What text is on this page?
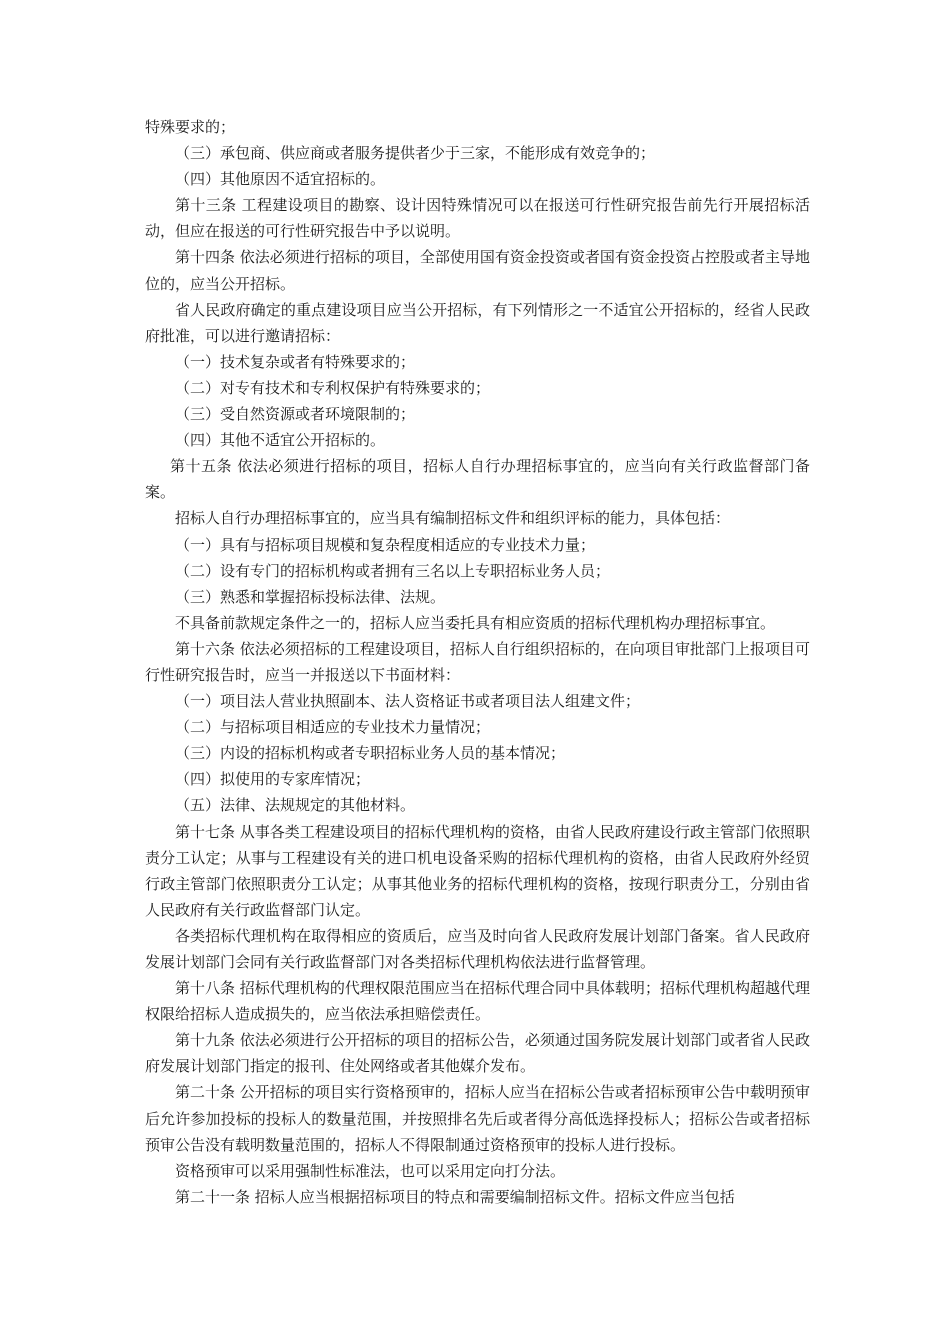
特殊要求的；

（三）承包商、供应商或者服务提供者少于三家，不能形成有效竞争的；

（四）其他原因不适宜招标的。

第十三条 工程建设项目的勘察、设计因特殊情况可以在报送可行性研究报告前先行开展招标活动，但应在报送的可行性研究报告中予以说明。

第十四条 依法必须进行招标的项目，全部使用国有资金投资或者国有资金投资占控股或者主导地位的，应当公开招标。

省人民政府确定的重点建设项目应当公开招标，有下列情形之一不适宜公开招标的，经省人民政府批准，可以进行邀请招标：

（一）技术复杂或者有特殊要求的；

（二）对专有技术和专利权保护有特殊要求的；

（三）受自然资源或者环境限制的；

（四）其他不适宜公开招标的。

第十五条 依法必须进行招标的项目，招标人自行办理招标事宜的，应当向有关行政监督部门备案。

招标人自行办理招标事宜的，应当具有编制招标文件和组织评标的能力，具体包括：

（一）具有与招标项目规模和复杂程度相适应的专业技术力量；

（二）设有专门的招标机构或者拥有三名以上专职招标业务人员；

（三）熟悉和掌握招标投标法律、法规。

不具备前款规定条件之一的，招标人应当委托具有相应资质的招标代理机构办理招标事宜。

第十六条 依法必须招标的工程建设项目，招标人自行组织招标的，在向项目审批部门上报项目可行性研究报告时，应当一并报送以下书面材料：

（一）项目法人营业执照副本、法人资格证书或者项目法人组建文件；

（二）与招标项目相适应的专业技术力量情况；

（三）内设的招标机构或者专职招标业务人员的基本情况；

（四）拟使用的专家库情况；

（五）法律、法规规定的其他材料。

第十七条 从事各类工程建设项目的招标代理机构的资格，由省人民政府建设行政主管部门依照职责分工认定；从事与工程建设有关的进口机电设备采购的招标代理机构的资格，由省人民政府外经贸行政主管部门依照职责分工认定；从事其他业务的招标代理机构的资格，按现行职责分工，分别由省人民政府有关行政监督部门认定。

各类招标代理机构在取得相应的资质后，应当及时向省人民政府发展计划部门备案。省人民政府发展计划部门会同有关行政监督部门对各类招标代理机构依法进行监督管理。

第十八条 招标代理机构的代理权限范围应当在招标代理合同中具体载明；招标代理机构超越代理权限给招标人造成损失的，应当依法承担赔偿责任。

第十九条 依法必须进行公开招标的项目的招标公告，必须通过国务院发展计划部门或者省人民政府发展计划部门指定的报刊、住处网络或者其他媒介发布。

第二十条 公开招标的项目实行资格预审的，招标人应当在招标公告或者招标预审公告中载明预审后允许参加投标的投标人的数量范围，并按照排名先后或者得分高低选择投标人；招标公告或者招标预审公告没有载明数量范围的，招标人不得限制通过资格预审的投标人进行投标。

资格预审可以采用强制性标准法，也可以采用定向打分法。

第二十一条 招标人应当根据招标项目的特点和需要编制招标文件。招标文件应当包括
